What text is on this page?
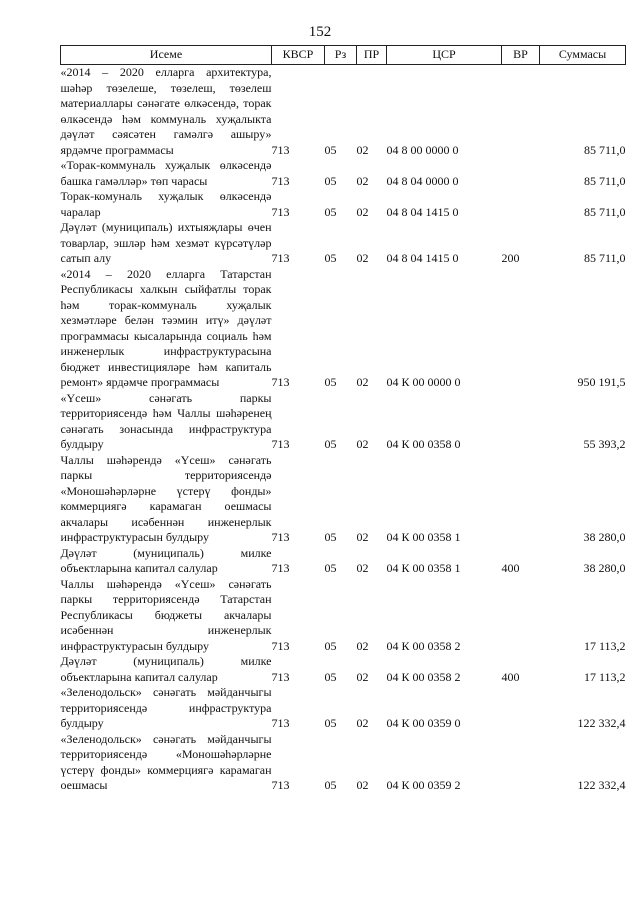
152
Исеме	КВСР	Рз	ПР	ЦСР	ВР	Суммасы
«2014 – 2020 елларга архитектура, шәһәр төзелеше, төзелеш, төзелеш материаллары сәнәгате өлкәсендә, торак өлкәсендә һәм коммуналь хуҗалыкта дәүләт сәясәтен гамәлгә ашыру» ярдәмче программасы	713	05	02	04 8 00 0000 0		85 711,0
«Торак-коммуналь хуҗалык өлкәсендә башка гамәлләр» төп чарасы	713	05	02	04 8 04 0000 0		85 711,0
Торак-комуналь хуҗалык өлкәсендә чаралар	713	05	02	04 8 04 1415 0		85 711,0
Дәүләт (муниципаль) ихтыяҗлары өчен товарлар, эшләр һәм хезмәт күрсәтүләр сатып алу	713	05	02	04 8 04 1415 0	200	85 711,0
«2014 – 2020 елларга Татарстан Республикасы халкын сыйфатлы торак һәм торак-коммуналь хуҗалык хезмәтләре белән тәэмин итү» дәүләт программасы кысаларында социаль һәм инженерлык инфраструктурасына бюджет инвестицияләре һәм капиталь ремонт» ярдәмче программасы	713	05	02	04 К 00 0000 0		950 191,5
«Үсеш» сәнәгать паркы территориясендә һәм Чаллы шәһәренең сәнәгать зонасында инфраструктура булдыру	713	05	02	04 К 00 0358 0		55 393,2
Чаллы шәһәрендә «Үсеш» сәнәгать паркы территориясендә «Моношәһәрләрне үстерү фонды» коммерциягә карамаган оешмасы акчалары исәбеннән инженерлык инфраструктурасын булдыру	713	05	02	04 К 00 0358 1		38 280,0
Дәүләт (муниципаль) милке объектларына капитал салулар	713	05	02	04 К 00 0358 1	400	38 280,0
Чаллы шәһәрендә «Үсеш» сәнәгать паркы территориясендә Татарстан Республикасы бюджеты акчалары исәбеннән инженерлык инфраструктурасын булдыру	713	05	02	04 К 00 0358 2		17 113,2
Дәүләт (муниципаль) милке объектларына капитал салулар	713	05	02	04 К 00 0358 2	400	17 113,2
«Зеленодольск» сәнәгать мәйданчыгы территориясендә инфраструктура булдыру	713	05	02	04 К 00 0359 0		122 332,4
«Зеленодольск» сәнәгать мәйданчыгы территориясендә «Моношәһәрләрне үстерү фонды» коммерциягә карамаган оешмасы	713	05	02	04 К 00 0359 2		122 332,4
